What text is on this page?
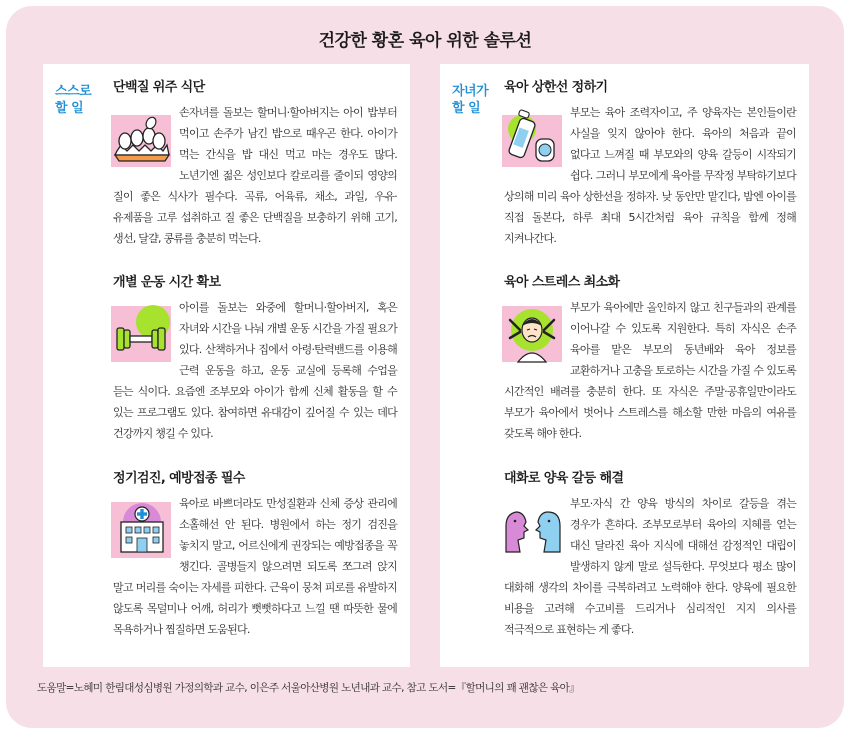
건강한 황혼 육아 위한 솔루션
스스로
할 일
단백질 위주 식단

손자녀를 돌보는 할머니·할아버지는 아이 밥부터 먹이고 손주가 남긴 밥으로 때우곤 한다. 아이가 먹는 간식을 밥 대신 먹고 마는 경우도 많다. 노년기엔 젊은 성인보다 칼로리를 줄이되 영양의 질이 좋은 식사가 필수다. 곡류, 어육류, 채소, 과일, 우유·유제품을 고루 섭취하고 질 좋은 단백질을 보충하기 위해 고기, 생선, 달걀, 콩류를 충분히 먹는다.

개별 운동 시간 확보

아이를 돌보는 와중에 할머니·할아버지, 혹은 자녀와 시간을 나눠 개별 운동 시간을 가질 필요가 있다. 산책하거나 집에서 아령·탄력밴드를 이용해 근력 운동을 하고, 운동 교실에 등록해 수업을 듣는 식이다. 요즘엔 조부모와 아이가 함께 신체 활동을 할 수 있는 프로그램도 있다. 참여하면 유대감이 깊어질 수 있는 데다 건강까지 챙길 수 있다.

정기검진, 예방접종 필수

육아로 바쁘더라도 만성질환과 신체 증상 관리에 소홀해선 안 된다. 병원에서 하는 정기 검진을 놓치지 말고, 어르신에게 권장되는 예방접종을 꼭 챙긴다. 골병들지 않으려면 되도록 쪼그려 앉지 말고 머리를 숙이는 자세를 피한다. 근육이 뭉쳐 피로를 유발하지 않도록 목덜미나 어깨, 허리가 뻣뻣하다고 느낄 땐 따뜻한 물에 목욕하거나 찜질하면 도움된다.

자녀가
할 일
육아 상한선 정하기

부모는 육아 조력자이고, 주 양육자는 본인들이란 사실을 잊지 않아야 한다. 육아의 처음과 끝이 없다고 느껴질 때 부모와의 양육 갈등이 시작되기 쉽다. 그러니 부모에게 육아를 무작정 부탁하기보다 상의해 미리 육아 상한선을 정하자. 낮 동안만 맡긴다, 밤엔 아이를 직접 돌본다, 하루 최대 5시간처럼 육아 규칙을 함께 정해 지켜나간다.

육아 스트레스 최소화

부모가 육아에만 올인하지 않고 친구들과의 관계를 이어나갈 수 있도록 지원한다. 특히 자식은 손주 육아를 맡은 부모의 동년배와 육아 정보를 교환하거나 고충을 토로하는 시간을 가질 수 있도록 시간적인 배려를 충분히 한다. 또 자식은 주말·공휴일만이라도 부모가 육아에서 벗어나 스트레스를 해소할 만한 마음의 여유를 갖도록 해야 한다.

대화로 양육 갈등 해결

부모·자식 간 양육 방식의 차이로 갈등을 겪는 경우가 흔하다. 조부모로부터 육아의 지혜를 얻는 대신 달라진 육아 지식에 대해선 감정적인 대립이 발생하지 않게 말로 설득한다. 무엇보다 평소 많이 대화해 생각의 차이를 극복하려고 노력해야 한다. 양육에 필요한 비용을 고려해 수고비를 드리거나 심리적인 지지 의사를 적극적으로 표현하는 게 좋다.

도움말=노혜미 한림대성심병원 가정의학과 교수, 이은주 서울아산병원 노년내과 교수, 참고 도서=『할머니의 꽤 괜찮은 육아』
